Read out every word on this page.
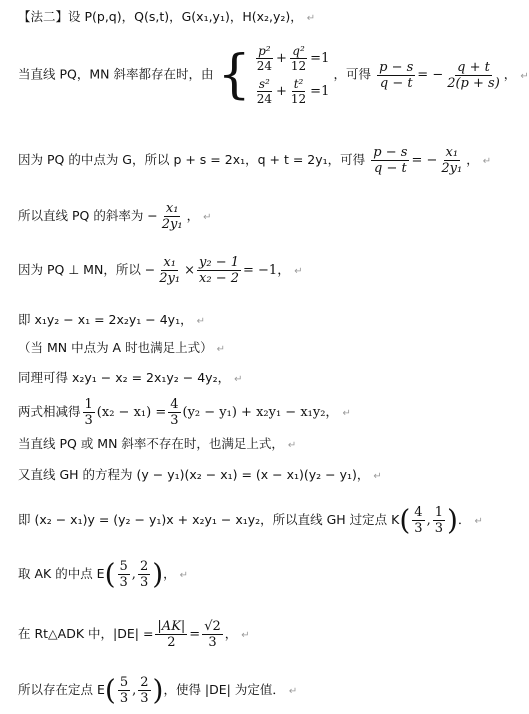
【法二】设 P(p,q)，Q(s,t)，G(x₁,y₁)，H(x₂,y₂)， ↵
当直线 PQ，MN 斜率都存在时，由 { $\frac{\text{p²}}{24} + \frac{\text{q²}}{12} =1$
$\frac{\text{s²}}{24} + \frac{\text{t²}}{12} =1$
，可得 $\frac{p - s}{q - t}$ = − $\frac{q + t}{2(p + s)}$ ， ↵
因为 PQ 的中点为 G，所以 p + s = 2x₁，q + t = 2y₁，可得 $\frac{p - s}{q - t}$ = − $\frac{\text{x₁}}{\text{2y₁}}$ ， ↵
所以直线 PQ 的斜率为 − $\frac{\text{x₁}}{\text{2y₁}}$ ， ↵
因为 PQ ⊥ MN，所以 − $\frac{\text{x₁}}{\text{2y₁}} \times \frac{\text{y₂ − 1}}{\text{x₂ − 2}} = -1$， ↵
即 x₁y₂ − x₁ = 2x₂y₁ − 4y₁， ↵
（当 MN 中点为 A 时也满足上式） ↵
同理可得 x₂y₁ − x₂ = 2x₁y₂ − 4y₂， ↵
两式相减得 $\frac{1}{3} (x_2 - x_1) = \frac{4}{3} (y_2 - y_1) + x_2y_1 - x_1y_2$， ↵
当直线 PQ 或 MN 斜率不存在时，也满足上式， ↵
又直线 GH 的方程为 (y − y₁)(x₂ − x₁) = (x − x₁)(y₂ − y₁)， ↵
即 (x₂ − x₁)y = (y₂ − y₁)x + x₂y₁ − x₁y₂，所以直线 GH 过定点 $K( \frac{4}{3}$ , $\frac{1}{3}$ )． ↵
取 AK 的中点 $E( \frac{5}{3}$ , $\frac{2}{3}$ )， ↵
在 Rt△ADK 中，$|DE| = \frac{|AK|}{2} = \frac{√2}{3}$ ， ↵
所以存在定点 $E( \frac{5}{3}$ , $\frac{2}{3}$ )，使得 |DE| 为定值． ↵
